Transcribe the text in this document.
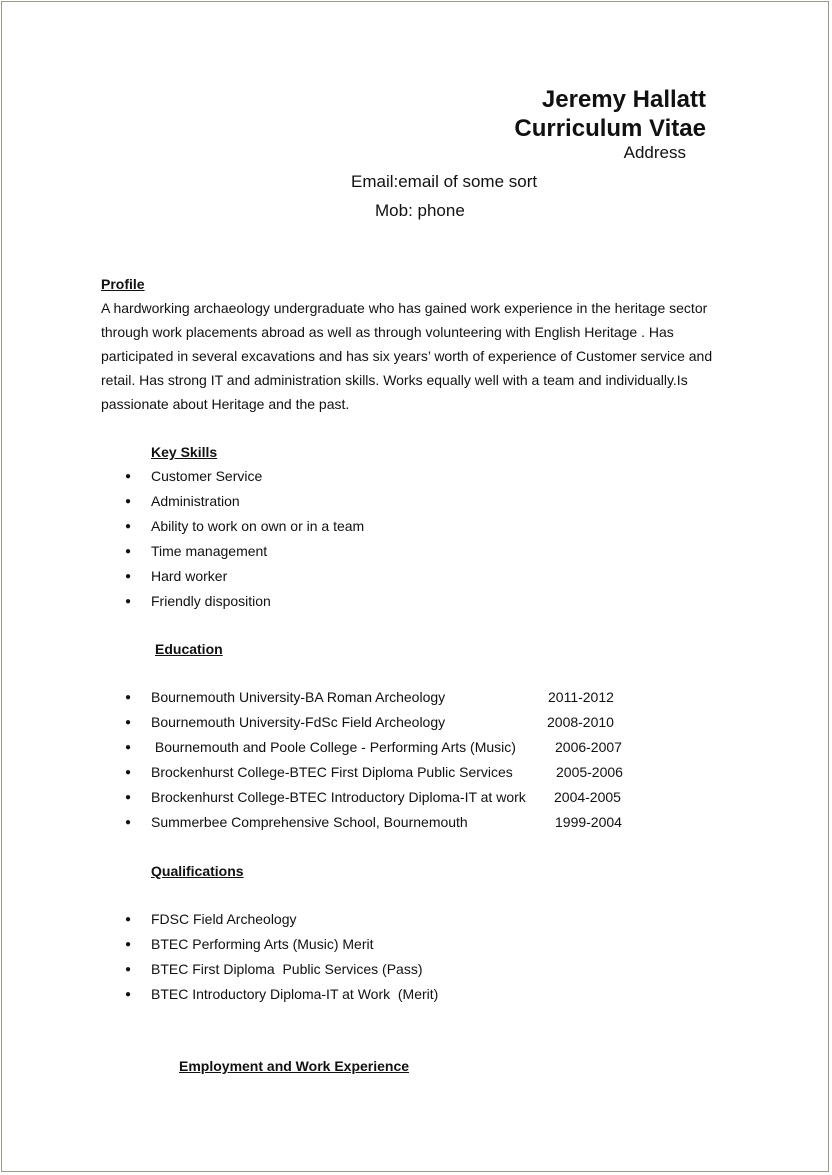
Jeremy Hallatt
Curriculum Vitae
Address
Email:email of some sort
Mob: phone
Profile
A hardworking archaeology undergraduate who has gained work experience in the heritage sector through work placements abroad as well as through volunteering with English Heritage . Has participated in several excavations and has six years’ worth of experience of Customer service and retail. Has strong IT and administration skills. Works equally well with a team and individually.Is passionate about Heritage and the past.
Key Skills
● Customer Service
● Administration
● Ability to work on own or in a team
● Time management
● Hard worker
● Friendly disposition
Education
● Bournemouth University-BA Roman Archeology	2011-2012
● Bournemouth University-FdSc Field Archeology	2008-2010
● Bournemouth and Poole College - Performing Arts (Music)	2006-2007
● Brockenhurst College-BTEC First Diploma Public Services	2005-2006
● Brockenhurst College-BTEC Introductory Diploma-IT at work 2004-2005
● Summerbee Comprehensive School, Bournemouth	1999-2004
Qualifications
● FDSC Field Archeology
● BTEC Performing Arts (Music) Merit
● BTEC First Diploma  Public Services (Pass)
● BTEC Introductory Diploma-IT at Work  (Merit)
Employment and Work Experience
